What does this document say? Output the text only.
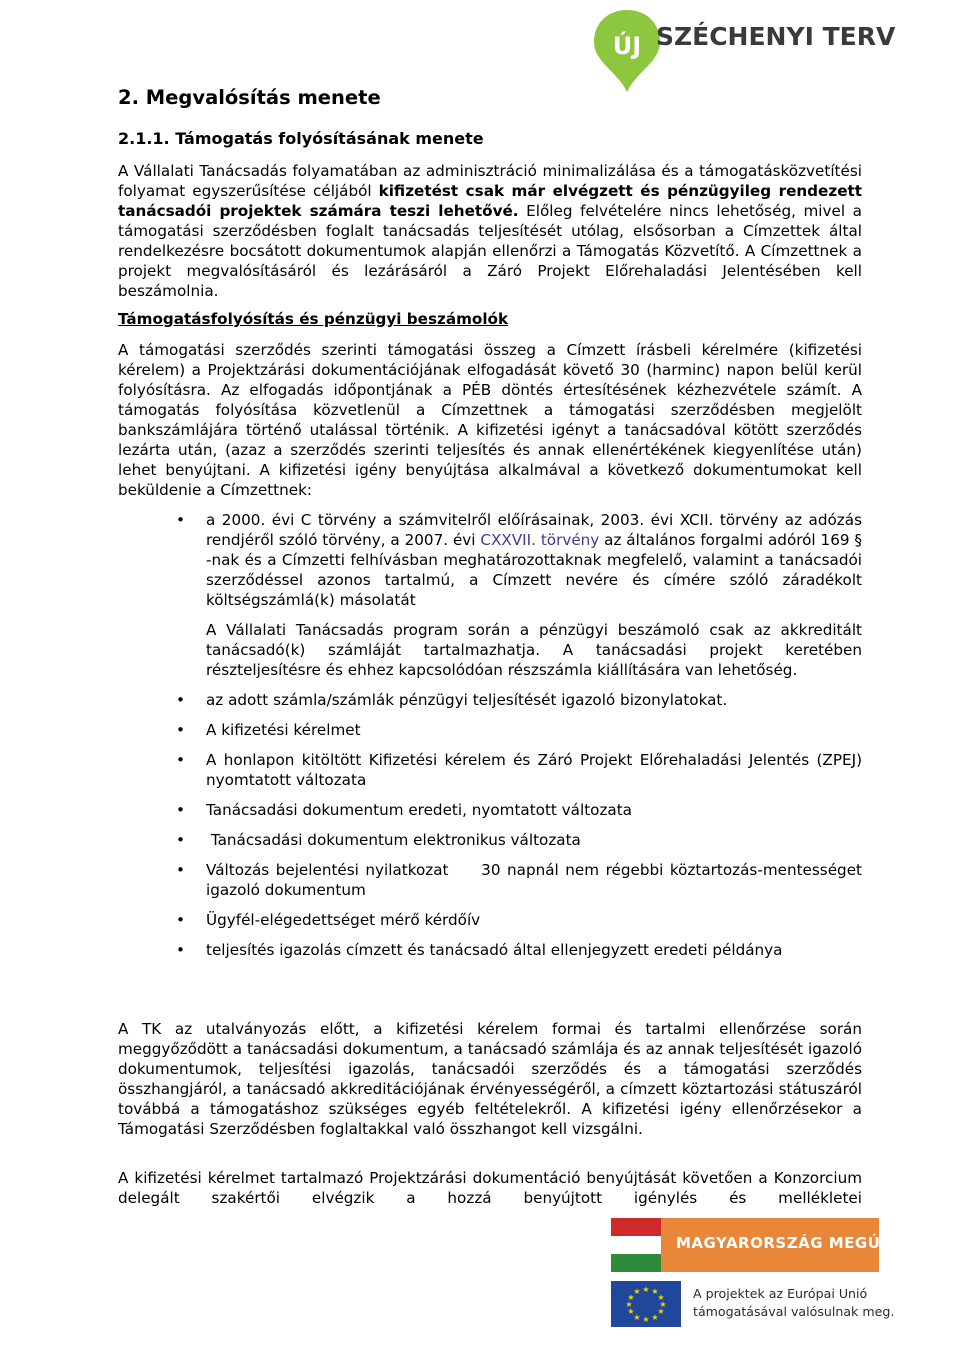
ÚJ SZÉCHENYI TERV
2. Megvalósítás menete
2.1.1. Támogatás folyósításának menete

A Vállalati Tanácsadás folyamatában az adminisztráció minimalizálása és a támogatásközvetítési folyamat egyszerűsítése céljából kifizetést csak már elvégzett és pénzügyileg rendezett tanácsadói projektek számára teszi lehetővé. Előleg felvételére nincs lehetőség, mivel a támogatási szerződésben foglalt tanácsadás teljesítését utólag, elsősorban a Címzettek által rendelkezésre bocsátott dokumentumok alapján ellenőrzi a Támogatás Közvetítő. A Címzettnek a projekt megvalósításáról és lezárásáról a Záró Projekt Előrehaladási Jelentésében kell beszámolnia.

Támogatásfolyósítás és pénzügyi beszámolók

A támogatási szerződés szerinti támogatási összeg a Címzett írásbeli kérelmére (kifizetési kérelem) a Projektzárási dokumentációjának elfogadását követő 30 (harminc) napon belül kerül folyósításra. Az elfogadás időpontjának a PÉB döntés értesítésének kézhezvétele számít. A támogatás folyósítása közvetlenül a Címzettnek a támogatási szerződésben megjelölt bankszámlájára történő utalással történik. A kifizetési igényt a tanácsadóval kötött szerződés lezárta után, (azaz a szerződés szerinti teljesítés és annak ellenértékének kiegyenlítése után) lehet benyújtani. A kifizetési igény benyújtása alkalmával a következő dokumentumokat kell beküldenie a Címzettnek:

• a 2000. évi C törvény a számvitelről előírásainak, 2003. évi XCII. törvény az adózás rendjéről szóló törvény, a 2007. évi CXXVII. törvény az általános forgalmi adóról 169 § -nak és a Címzetti felhívásban meghatározottaknak megfelelő, valamint a tanácsadói szerződéssel azonos tartalmú, a Címzett nevére és címére szóló záradékolt költségszámlá(k) másolatát

A Vállalati Tanácsadás program során a pénzügyi beszámoló csak az akkreditált tanácsadó(k) számláját tartalmazhatja. A tanácsadási projekt keretében részteljesítésre és ehhez kapcsolódóan részszámla kiállítására van lehetőség.

• az adott számla/számlák pénzügyi teljesítését igazoló bizonylatokat.
• A kifizetési kérelmet
• A honlapon kitöltött Kifizetési kérelem és Záró Projekt Előrehaladási Jelentés (ZPEJ) nyomtatott változata
• Tanácsadási dokumentum eredeti, nyomtatott változata
• Tanácsadási dokumentum elektronikus változata
• Változás bejelentési nyilatkozat     30 napnál nem régebbi köztartozás-mentességet igazoló dokumentum
• Ügyfél-elégedettséget mérő kérdőív
• teljesítés igazolás címzett és tanácsadó által ellenjegyzett eredeti példánya

A TK az utalványozás előtt, a kifizetési kérelem formai és tartalmi ellenőrzése során meggyőződött a tanácsadási dokumentum, a tanácsadó számlája és az annak teljesítését igazoló dokumentumok, teljesítési igazolás, tanácsadói szerződés és a támogatási szerződés összhangjáról, a tanácsadó akkreditációjának érvényességéről, a címzett köztartozási státuszáról továbbá a támogatáshoz szükséges egyéb feltételekről. A kifizetési igény ellenőrzésekor a Támogatási Szerződésben foglaltakkal való összhangot kell vizsgálni.

A kifizetési kérelmet tartalmazó Projektzárási dokumentáció benyújtását követően a Konzorcium delegált szakértői elvégzik a hozzá benyújtott igénylés és mellékletei

MAGYARORSZÁG MEGÚJUL
★ ★
★
★
★
★
★
★
★
★
★
★	A projektek az Európai Unió
támogatásával valósulnak meg.
